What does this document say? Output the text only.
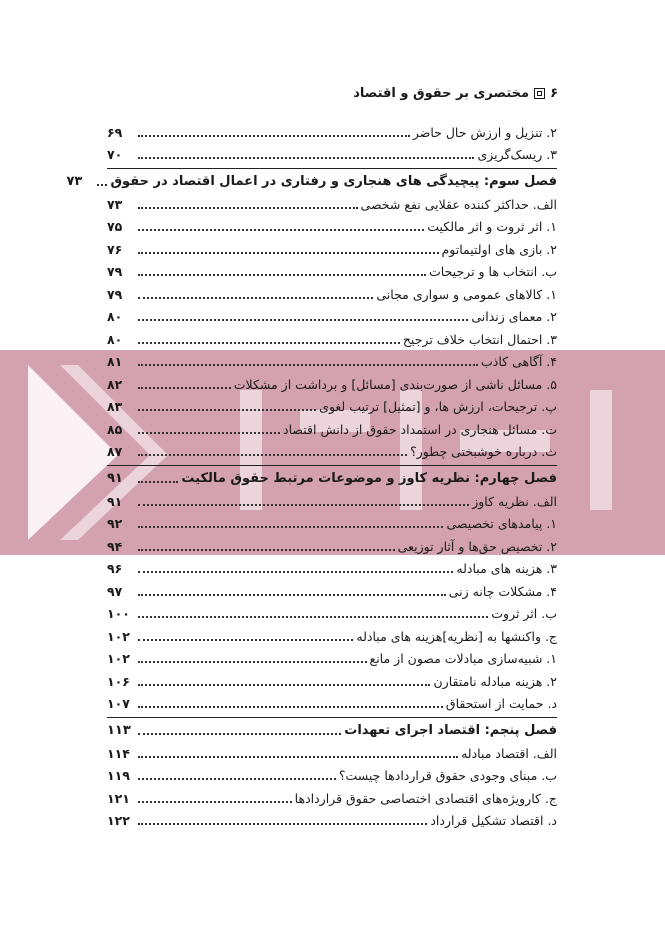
۶
مختصری بر حقوق و اقتصاد
۲. تنزیل و ارزش حال حاضر
۶۹
۳. ریسک‌گریزی
۷۰
فصل سوم: پیچیدگی های هنجاری و رفتاری در اعمال اقتصاد در حقوق
۷۳
الف. حداکثر کننده عقلایی نفع شخصی
۷۳
۱. اثر ثروت و اثر مالکیت
۷۵
۲. بازی های اولتیماتوم
۷۶
ب. انتخاب ها و ترجیحات
۷۹
۱. کالاهای عمومی و سواری مجانی
۷۹
۲. معمای زندانی
۸۰
۳. احتمال انتخاب خلاف ترجیح
۸۰
۴. آگاهی کاذب
۸۱
۵. مسائل ناشی از صورت‌بندی [مسائل] و برداشت از مشکلات
۸۲
پ. ترجیحات، ارزش ها، و [تمثیل] ترتیب لغوی
۸۳
ت. مسائل هنجاری در استمداد حقوق از دانش اقتصاد
۸۵
ث. درباره خوشبختی چطور؟
۸۷
فصل چهارم: نظریه کاوز و موضوعات مرتبط حقوق مالکیت
۹۱
الف. نظریه کاوز
۹۱
۱. پیامدهای تخصیصی
۹۲
۲. تخصیص حق‌ها و آثار توزیعی
۹۴
۳. هزینه های مبادله
۹۶
۴. مشکلات چانه زنی
۹۷
ب. اثر ثروت
۱۰۰
ج. واکنشها به [نظریه]هزینه های مبادله
۱۰۲
۱. شبیه‌سازی مبادلات مصون از مانع
۱۰۲
۲. هزینه مبادله نامتقارن
۱۰۶
د. حمایت از استحقاق
۱۰۷
فصل پنجم: اقتصاد اجرای تعهدات
۱۱۳
الف. اقتصاد مبادله
۱۱۴
ب. مبنای وجودی حقوق قراردادها چیست؟
۱۱۹
ج. کارویژه‌های اقتصادی اختصاصی حقوق قراردادها
۱۲۱
د. اقتصاد تشکیل قرارداد
۱۲۲
